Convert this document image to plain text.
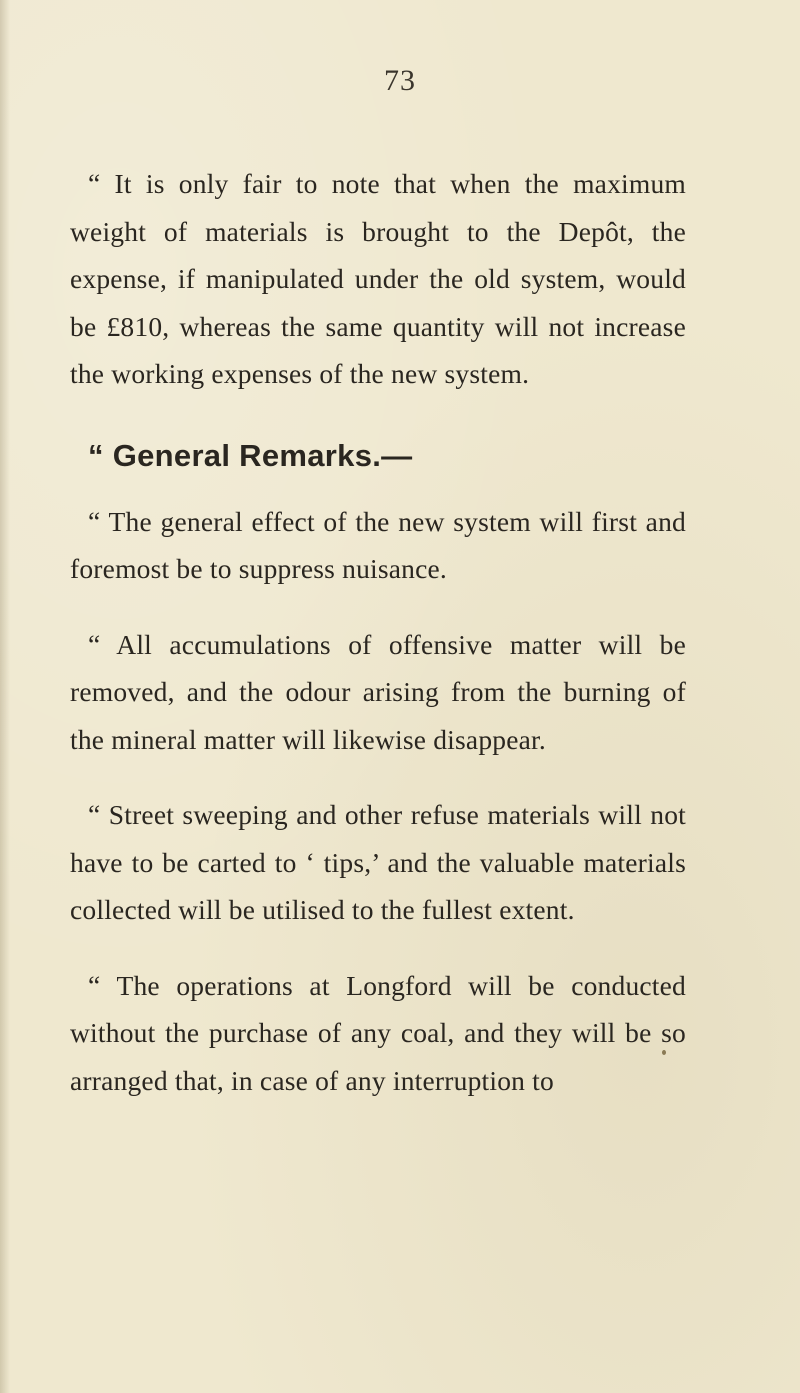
73

“ It is only fair to note that when the maximum weight of materials is brought to the Depôt, the expense, if manipulated under the old system, would be £810, whereas the same quantity will not increase the working expenses of the new system.

“ General Remarks.—

“ The general effect of the new system will first and foremost be to suppress nuisance.

“ All accumulations of offensive matter will be removed, and the odour arising from the burning of the mineral matter will likewise disappear.

“ Street sweeping and other refuse materials will not have to be carted to ‘ tips,’ and the valuable materials collected will be utilised to the fullest extent.

“ The operations at Longford will be conducted without the purchase of any coal, and they will be so arranged that, in case of any interruption to
